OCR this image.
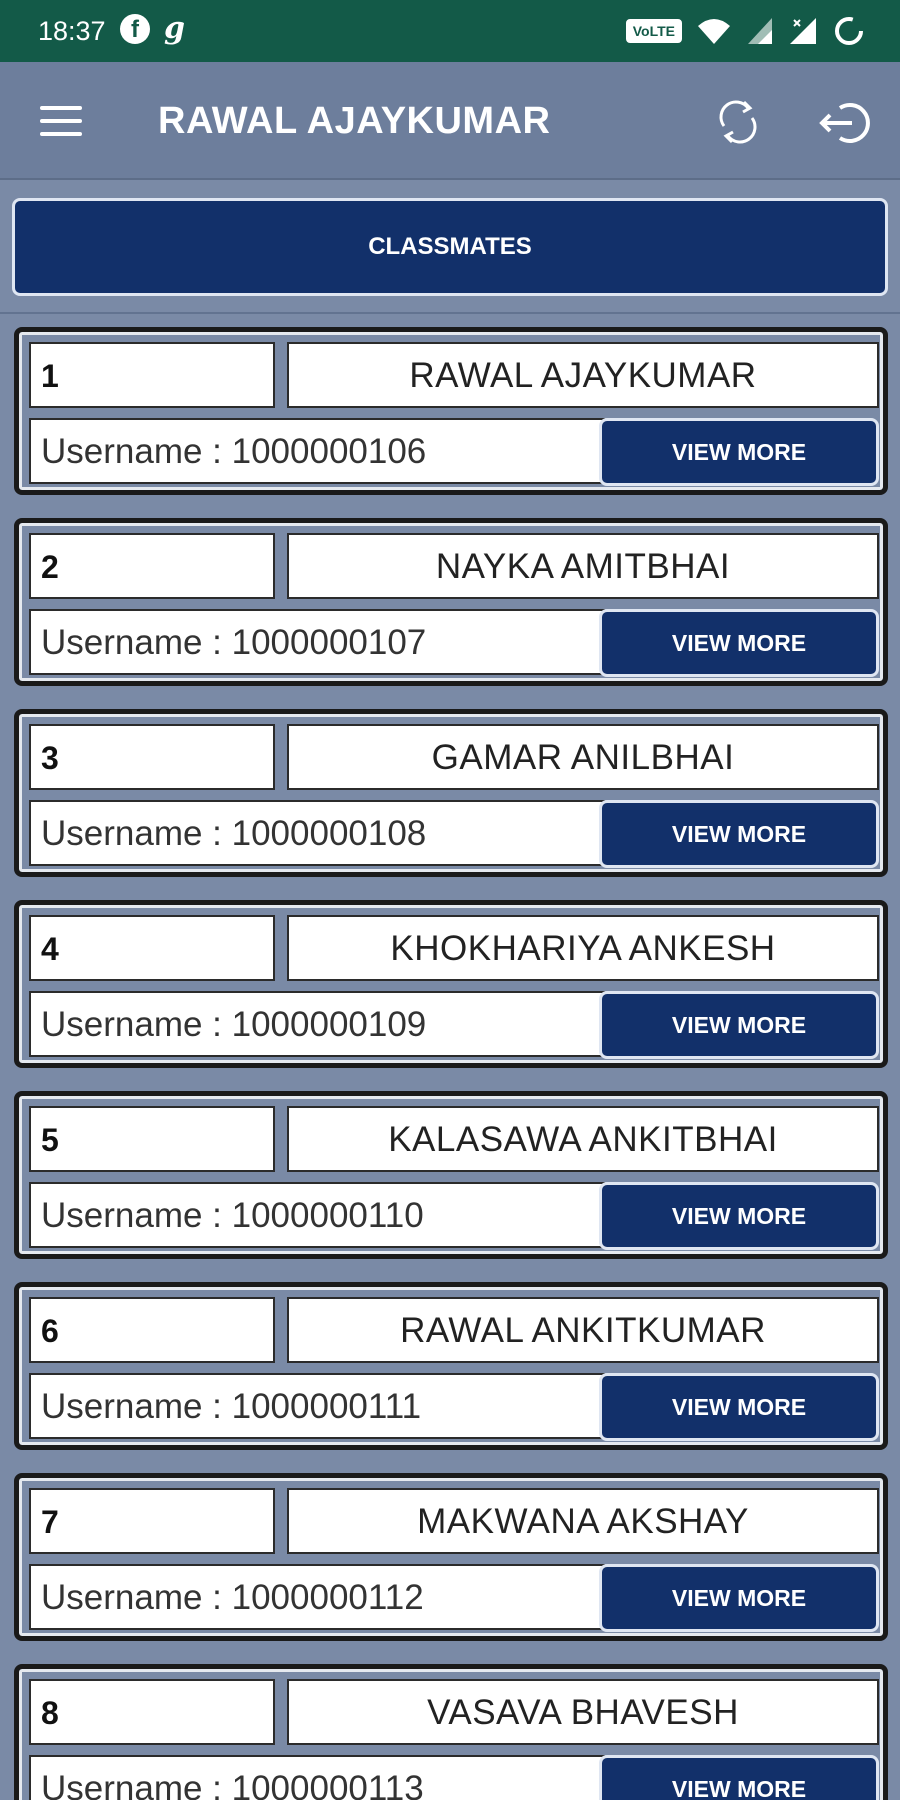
18:37	f g	VoLTE
RAWAL AJAYKUMAR
CLASSMATES
1	RAWAL AJAYKUMAR
Username : 1000000106	VIEW MORE
2	NAYKA AMITBHAI
Username : 1000000107	VIEW MORE
3	GAMAR ANILBHAI
Username : 1000000108	VIEW MORE
4	KHOKHARIYA ANKESH
Username : 1000000109	VIEW MORE
5	KALASAWA ANKITBHAI
Username : 1000000110	VIEW MORE
6	RAWAL ANKITKUMAR
Username : 1000000111	VIEW MORE
7	MAKWANA AKSHAY
Username : 1000000112	VIEW MORE
8	VASAVA BHAVESH
Username : 1000000113	VIEW MORE
